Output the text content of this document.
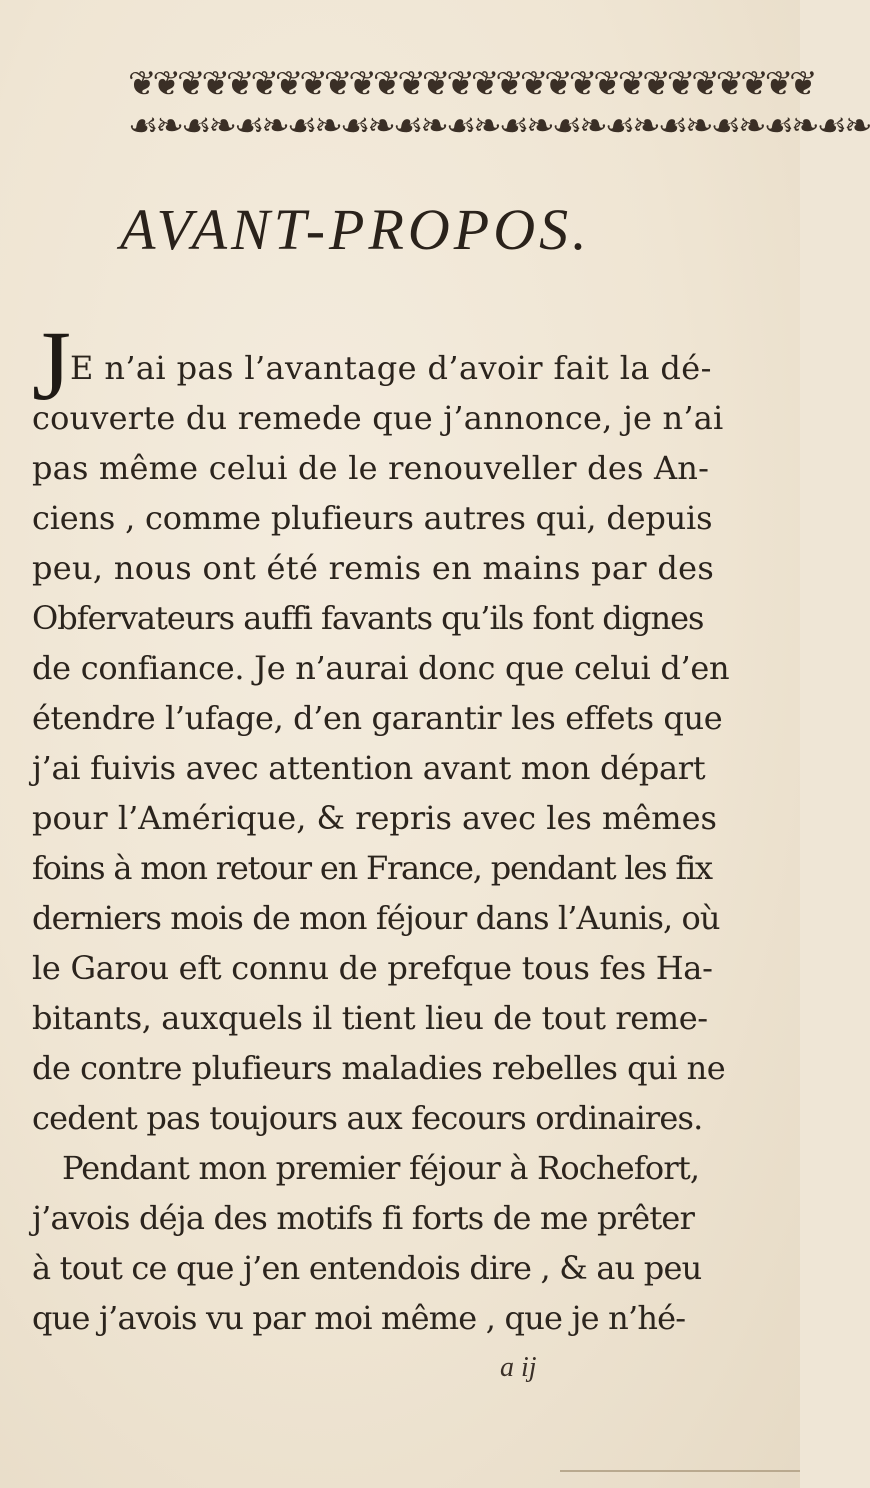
❦❦❦❦❦❦❦❦❦❦❦❦❦❦❦❦❦❦❦❦❦❦❦❦❦❦❦❦
☙❧☙❧☙❧☙❧☙❧☙❧☙❧☙❧☙❧☙❧☙❧☙❧☙❧☙❧
AVANT-PROPOS.
J E n’ai pas l’avantage d’avoir fait la dé-
couverte du remede que j’annonce, je n’ai
pas même celui de le renouveller des An-
ciens , comme plufieurs autres qui, depuis
peu, nous ont été remis en mains par des
Obfervateurs auffi favants qu’ils font dignes
de confiance. Je n’aurai donc que celui d’en
étendre l’ufage, d’en garantir les effets que
j’ai fuivis avec attention avant mon départ
pour l’Amérique, & repris avec les mêmes
foins à mon retour en France, pendant les fix
derniers mois de mon féjour dans l’Aunis, où
le Garou eft connu de prefque tous fes Ha-
bitants, auxquels il tient lieu de tout reme-
de contre plufieurs maladies rebelles qui ne
cedent pas toujours aux fecours ordinaires.
Pendant mon premier féjour à Rochefort,
j’avois déja des motifs fi forts de me prêter
à tout ce que j’en entendois dire , & au peu
que j’avois vu par moi même , que je n’hé-
a ij
